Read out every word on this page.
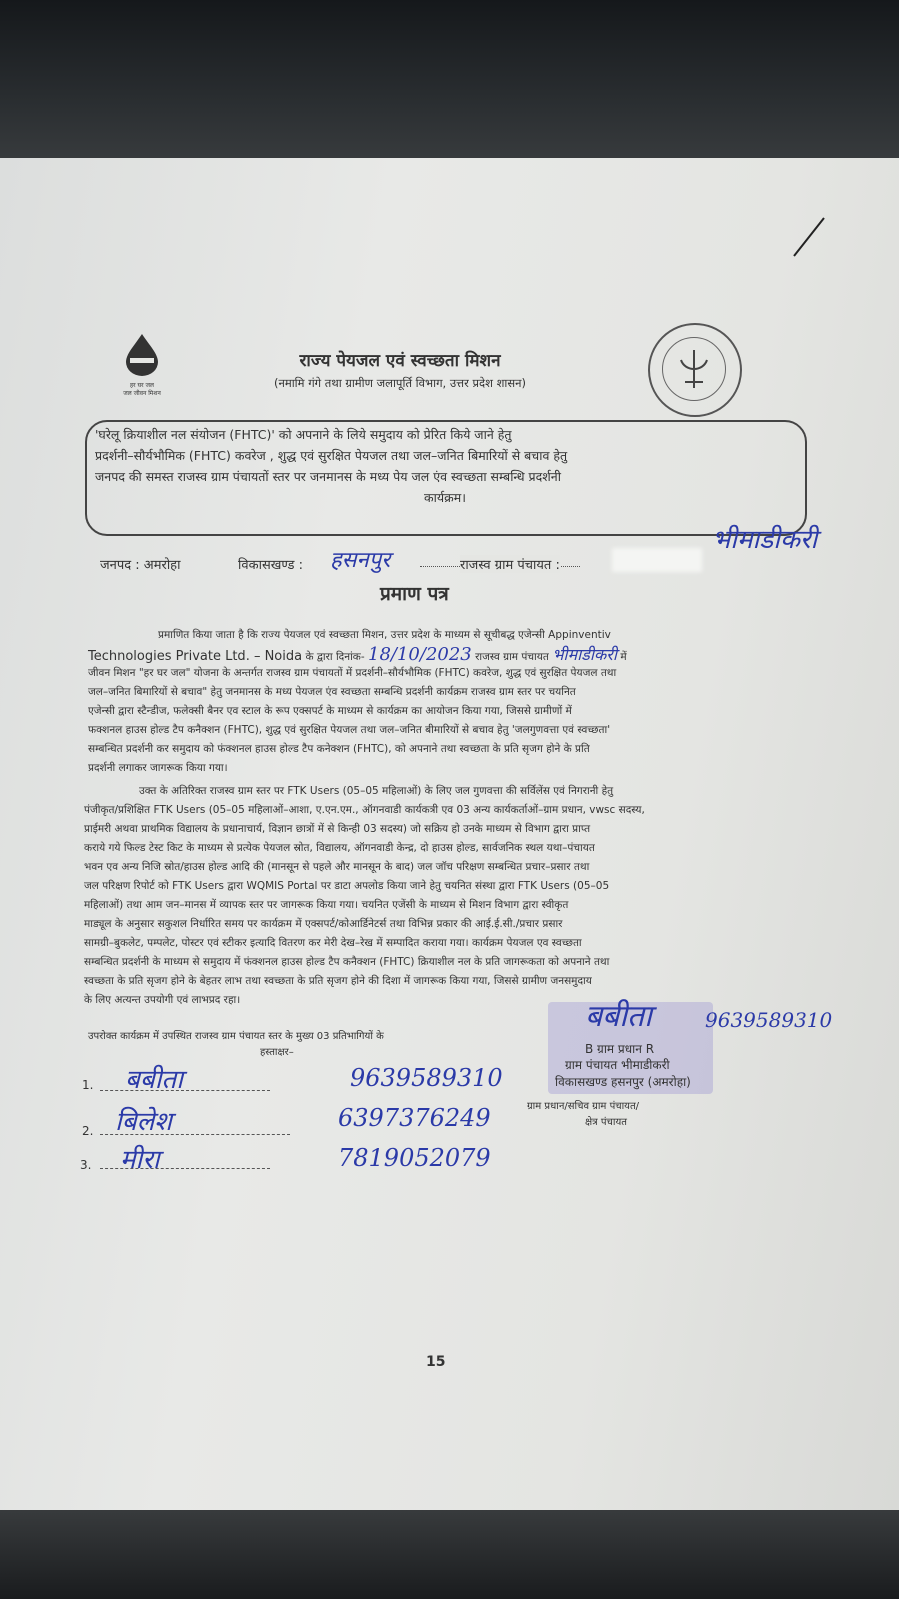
हर घर जल
जल जीवन मिशन
राज्य पेयजल एवं स्वच्छता मिशन
(नमामि गंगे तथा ग्रामीण जलापूर्ति विभाग, उत्तर प्रदेश शासन)
'घरेलू क्रियाशील नल संयोजन (FHTC)' को अपनाने के लिये समुदाय को प्रेरित किये जाने हेतु
प्रदर्शनी–सौर्यभौमिक (FHTC) कवरेज , शुद्ध एवं सुरक्षित पेयजल तथा जल–जनित बिमारियों से बचाव हेतु
जनपद की समस्त राजस्व ग्राम पंचायतों स्तर पर जनमानस के मध्य पेय जल एंव स्वच्छता सम्बन्धि प्रदर्शनी
कार्यक्रम।
जनपद : अमरोहा	विकासखण्ड : हसनपुर	राजस्व ग्राम पंचायत :
भीमाडीकरी
प्रमाण पत्र
प्रमाणित किया जाता है कि राज्य पेयजल एवं स्वच्छता मिशन, उत्तर प्रदेश के माध्यम से सूचीबद्ध एजेन्सी Appinventiv
Technologies Private Ltd. – Noida के द्वारा दिनांक- 18/10/2023 राजस्व ग्राम पंचायत भीमाडीकरी में
जीवन मिशन "हर घर जल" योजना के अन्तर्गत राजस्व ग्राम पंचायतों में प्रदर्शनी–सौर्यभौमिक (FHTC) कवरेज, शुद्ध एवं सुरक्षित पेयजल तथा
जल–जनित बिमारियों से बचाव" हेतु जनमानस के मध्य पेयजल एंव स्वच्छता सम्बन्धि प्रदर्शनी कार्यक्रम राजस्व ग्राम स्तर पर चयनित
एजेन्सी द्वारा स्टैन्डीज, फलेक्सी बैनर एव स्टाल के रूप एक्सपर्ट के माध्यम से कार्यक्रम का आयोजन किया गया, जिससे ग्रामीणों में
फक्शनल हाउस होल्ड टैप कनैक्शन (FHTC), शुद्ध एवं सुरक्षित पेयजल तथा जल–जनित बीमारियों से बचाव हेतु 'जलगुणवत्ता एवं स्वच्छता'
सम्बन्धित प्रदर्शनी कर समुदाय को फंक्शनल हाउस होल्ड टैप कनेक्शन (FHTC), को अपनाने तथा स्वच्छता के प्रति सृजग होने के प्रति
प्रदर्शनी लगाकर जागरूक किया गया।
उक्त के अतिरिक्त राजस्व ग्राम स्तर पर FTK Users (05–05 महिलाओं) के लिए जल गुणवत्ता की सर्विलेंस एवं निगरानी हेतु
पंजीकृत/प्रशिक्षित FTK Users (05–05 महिलाओं–आशा, ए.एन.एम., ऑगनवाडी कार्यकत्री एव 03 अन्य कार्यकर्ताओं–ग्राम प्रधान, vwsc सदस्य,
प्राईमरी अथवा प्राथमिक विद्यालय के प्रधानाचार्य, विज्ञान छात्रों में से किन्ही 03 सदस्य) जो सक्रिय हो उनके माध्यम से विभाग द्वारा प्राप्त
कराये गये फिल्ड टेस्ट किट के माध्यम से प्रत्येक पेयजल स्रोत, विद्यालय, ऑगनवाडी केन्द्र, दो हाउस होल्ड, सार्वजनिक स्थल यथा–पंचायत
भवन एव अन्य निजि स्रोत/हाउस होल्ड आदि की (मानसून से पहले और मानसून के बाद) जल जॉच परिक्षण सम्बन्धित प्रचार–प्रसार तथा
जल परिक्षण रिपोर्ट को FTK Users द्वारा WQMIS Portal पर डाटा अपलोड किया जाने हेतु चयनित संस्था द्वारा FTK Users (05–05
महिलाओं) तथा आम जन–मानस में व्यापक स्तर पर जागरूक किया गया। चयनित एजेंसी के माध्यम से मिशन विभाग द्वारा स्वीकृत
माड्यूल के अनुसार सकुशल निर्धारित समय पर कार्यक्रम में एक्सपर्ट/कोआर्डिनेटर्स तथा विभिन्न प्रकार की आई.ई.सी./प्रचार प्रसार
सामग्री–बुकलेट, पम्पलेट, पोस्टर एवं स्टीकर इत्यादि वितरण कर मेरी देख–रेख में सम्पादित कराया गया। कार्यक्रम पेयजल एव स्वच्छता
सम्बन्धित प्रदर्शनी के माध्यम से समुदाय में फंक्शनल हाउस होल्ड टैप कनैक्शन (FHTC) क्रियाशील नल के प्रति जागरूकता को अपनाने तथा
स्वच्छता के प्रति सृजग होने के बेहतर लाभ तथा स्वच्छता के प्रति सृजग होने की दिशा में जागरूक किया गया, जिससे ग्रामीण जनसमुदाय
के लिए अत्यन्त उपयोगी एवं लाभप्रद रहा।
उपरोक्त कार्यक्रम में उपस्थित राजस्व ग्राम पंचायत स्तर के मुख्य 03 प्रतिभागियों के
हस्ताक्षर–
1. बबीता	9639589310
2. बिलेश	6397376249
3. मीरा	7819052079
बबीता	9639589310
B ग्राम प्रधान R
ग्राम पंचायत भीमाडीकरी
विकासखण्ड हसनपुर (अमरोहा)
ग्राम प्रधान/सचिव ग्राम पंचायत/
क्षेत्र पंचायत
15
